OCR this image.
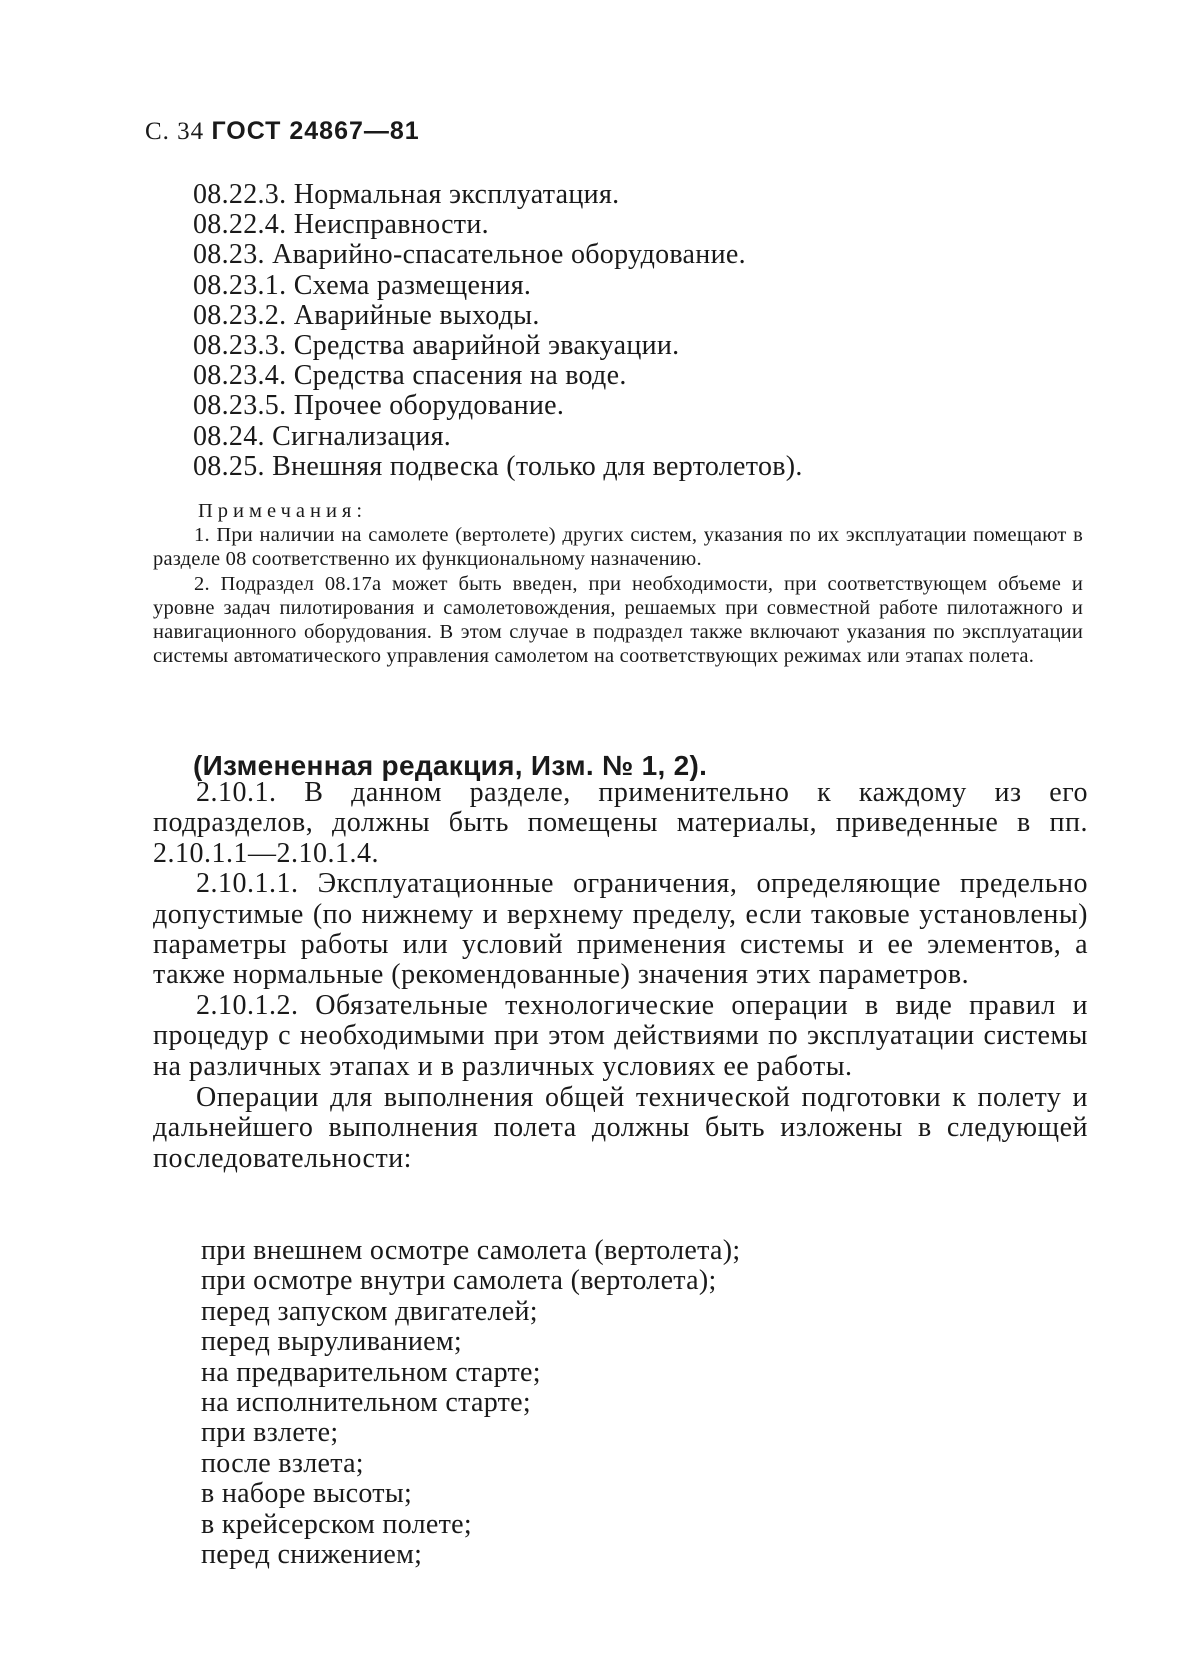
С. 34 ГОСТ 24867—81
08.22.3. Нормальная эксплуатация.
08.22.4. Неисправности.
08.23. Аварийно-спасательное оборудование.
08.23.1. Схема размещения.
08.23.2. Аварийные выходы.
08.23.3. Средства аварийной эвакуации.
08.23.4. Средства спасения на воде.
08.23.5. Прочее оборудование.
08.24. Сигнализация.
08.25. Внешняя подвеска (только для вертолетов).
Примечания:

1. При наличии на самолете (вертолете) других систем, указания по их эксплуатации помещают в разделе 08 соответственно их функциональному назначению.

2. Подраздел 08.17а может быть введен, при необходимости, при соответствующем объеме и уровне задач пилотирования и самолетовождения, решаемых при совместной работе пилотажного и навигационного оборудования. В этом случае в подраздел также включают указания по эксплуатации системы автоматического управления самолетом на соответствующих режимах или этапах полета.

(Измененная редакция, Изм. № 1, 2).

2.10.1. В данном разделе, применительно к каждому из его подразделов, должны быть помещены материалы, приведенные в пп. 2.10.1.1—2.10.1.4.

2.10.1.1. Эксплуатационные ограничения, определяющие предельно допустимые (по нижнему и верхнему пределу, если таковые установлены) параметры работы или условий применения системы и ее элементов, а также нормальные (рекомендованные) значения этих параметров.

2.10.1.2. Обязательные технологические операции в виде правил и процедур с необходимыми при этом действиями по эксплуатации системы на различных этапах и в различных условиях ее работы.

Операции для выполнения общей технической подготовки к полету и дальнейшего выполнения полета должны быть изложены в следующей последовательности:

при внешнем осмотре самолета (вертолета);
при осмотре внутри самолета (вертолета);
перед запуском двигателей;
перед выруливанием;
на предварительном старте;
на исполнительном старте;
при взлете;
после взлета;
в наборе высоты;
в крейсерском полете;
перед снижением;
